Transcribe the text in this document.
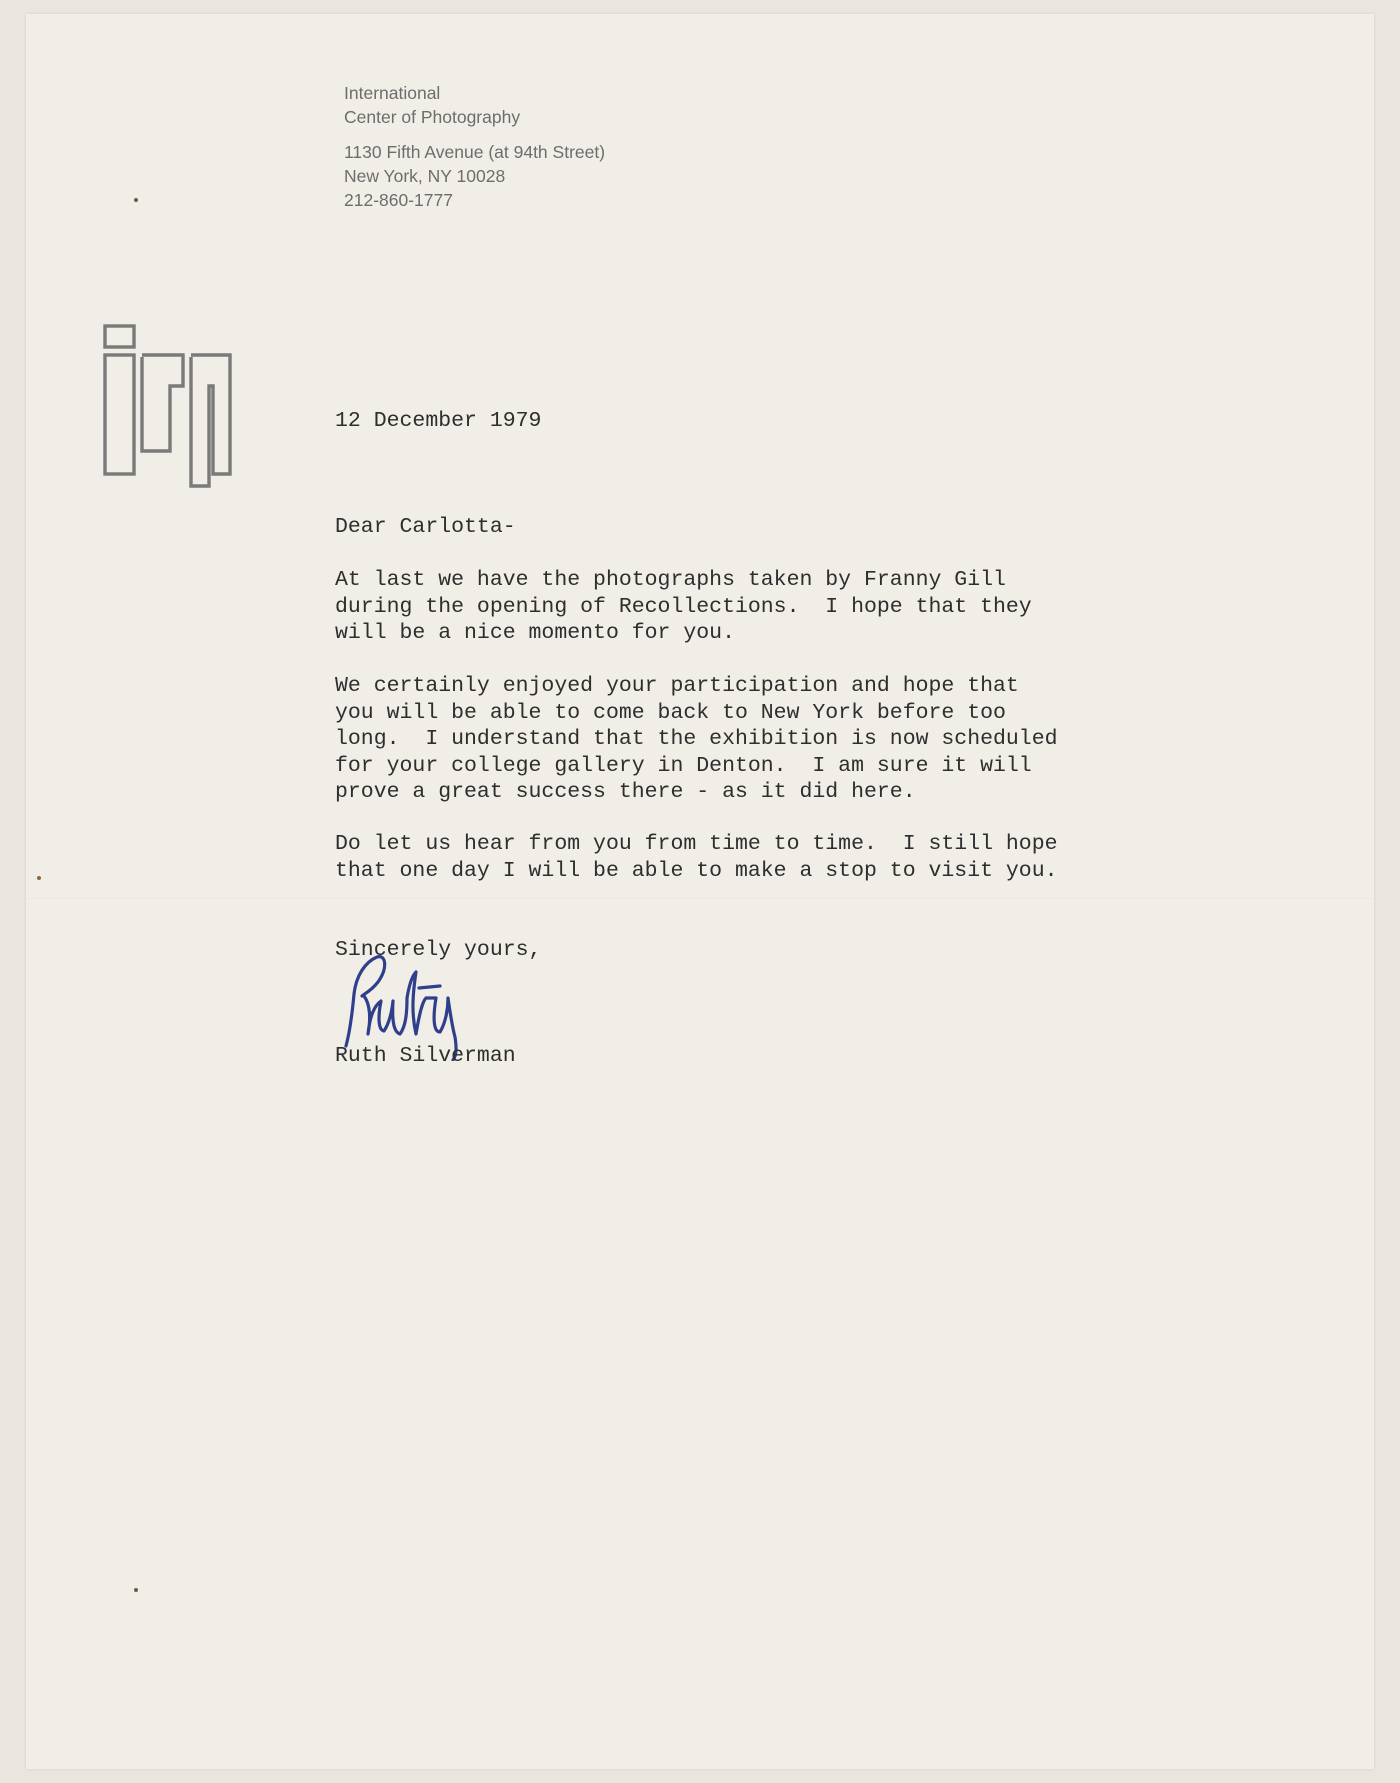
International
Center of Photography
1130 Fifth Avenue (at 94th Street)
New York, NY 10028
212-860-1777
12 December 1979
Dear Carlotta-
At last we have the photographs taken by Franny Gill
during the opening of Recollections.  I hope that they
will be a nice momento for you.
We certainly enjoyed your participation and hope that
you will be able to come back to New York before too
long.  I understand that the exhibition is now scheduled
for your college gallery in Denton.  I am sure it will
prove a great success there - as it did here.
Do let us hear from you from time to time.  I still hope
that one day I will be able to make a stop to visit you.
Sincerely yours,
Ruth Silverman
